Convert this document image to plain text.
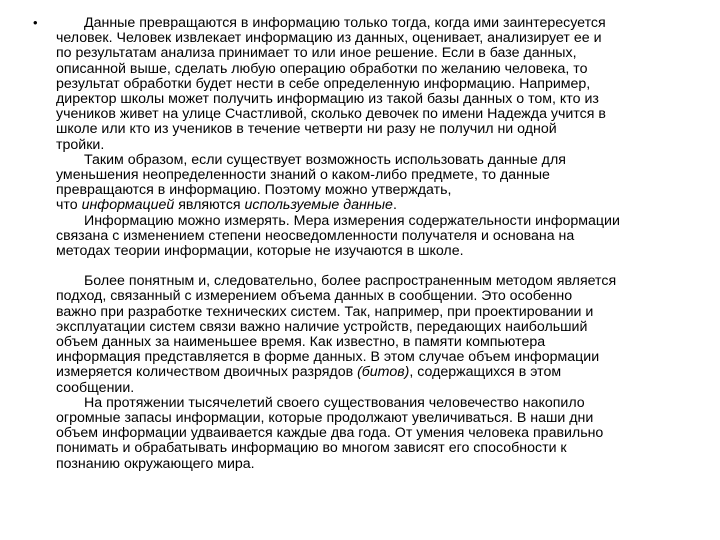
•	Данные превращаются в информацию только тогда, когда ими заинтересуется
человек. Человек извлекает информацию из данных, оценивает, анализирует ее и
по результатам анализа принимает то или иное решение. Если в базе данных,
описанной выше, сделать любую операцию обработки по желанию человека, то
результат обработки будет нести в себе определенную информацию. Например,
директор школы может получить информацию из такой базы данных о том, кто из
учеников живет на улице Счастливой, сколько девочек по имени Надежда учится в
школе или кто из учеников в течение четверти ни разу не получил ни одной
тройки.

Таким образом, если существует возможность использовать данные для
уменьшения неопределенности знаний о каком-либо предмете, то данные
превращаются в информацию. Поэтому можно утверждать,
что информацией являются используемые данные.

Информацию можно измерять. Мера измерения содержательности информации
связана с изменением степени неосведомленности получателя и основана на
методах теории информации, которые не изучаются в школе.

Более понятным и, следовательно, более распространенным методом является
подход, связанный с измерением объема данных в сообщении. Это особенно
важно при разработке технических систем. Так, например, при проектировании и
эксплуатации систем связи важно наличие устройств, передающих наибольший
объем данных за наименьшее время. Как известно, в памяти компьютера
информация представляется в форме данных. В этом случае объем информации
измеряется количеством двоичных разрядов (битов), содержащихся в этом
сообщении.

На протяжении тысячелетий своего существования человечество накопило
огромные запасы информации, которые продолжают увеличиваться. В наши дни
объем информации удваивается каждые два года. От умения человека правильно
понимать и обрабатывать информацию во многом зависят его способности к
познанию окружающего мира.
